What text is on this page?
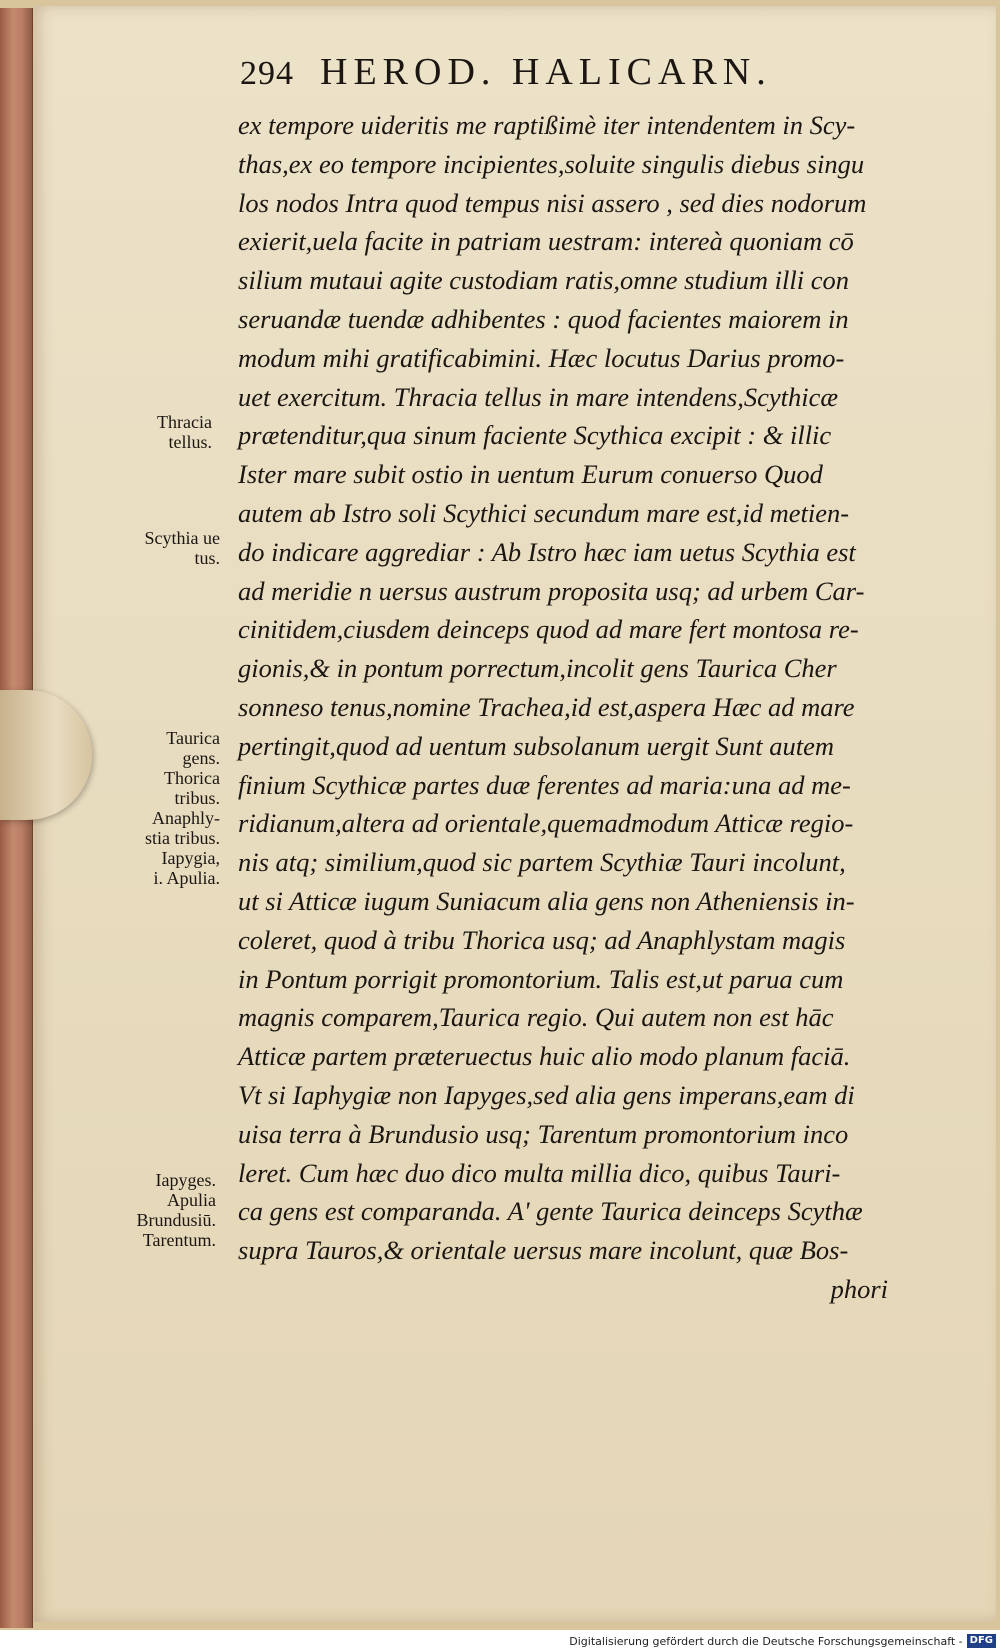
294 HEROD. HALICARN.
ex tempore uideritis me raptißimè iter intendentem in Scy-
thas,ex eo tempore incipientes,soluite singulis diebus singu
los nodos Intra quod tempus nisi assero , sed dies nodorum
exierit,uela facite in patriam uestram: intereà quoniam cō
silium mutaui agite custodiam ratis,omne studium illi con
seruandæ tuendæ adhibentes : quod facientes maiorem in
modum mihi gratificabimini. Hæc locutus Darius promo-
uet exercitum. Thracia tellus in mare intendens,Scythicæ
prætenditur,qua sinum faciente Scythica excipit : & illic
Ister mare subit ostio in uentum Eurum conuerso Quod
autem ab Istro soli Scythici secundum mare est,id metien-
do indicare aggrediar : Ab Istro hæc iam uetus Scythia est
ad meridie n uersus austrum proposita usq; ad urbem Car-
cinitidem,ciusdem deinceps quod ad mare fert montosa re-
gionis,& in pontum porrectum,incolit gens Taurica Cher
sonneso tenus,nomine Trachea,id est,aspera Hæc ad mare
pertingit,quod ad uentum subsolanum uergit Sunt autem
finium Scythicæ partes duæ ferentes ad maria:una ad me-
ridianum,altera ad orientale,quemadmodum Atticæ regio-
nis atq; similium,quod sic partem Scythiæ Tauri incolunt,
ut si Atticæ iugum Suniacum alia gens non Atheniensis in-
coleret, quod à tribu Thorica usq; ad Anaphlystam magis
in Pontum porrigit promontorium. Talis est,ut parua cum
magnis comparem,Taurica regio. Qui autem non est hāc
Atticæ partem præteruectus huic alio modo planum faciā.
Vt si Iaphygiæ non Iapyges,sed alia gens imperans,eam di
uisa terra à Brundusio usq; Tarentum promontorium inco
leret. Cum hæc duo dico multa millia dico, quibus Tauri-
ca gens est comparanda. A' gente Taurica deinceps Scythæ
supra Tauros,& orientale uersus mare incolunt, quæ Bos-
phori
Thracia
tellus.
Scythia ue
tus.
Taurica
gens.
Thorica
tribus.
Anaphly-
stia tribus.
Iapygia,
i. Apulia.
Iapyges.
Apulia
Brundusiū.
Tarentum.
Digitalisierung gefördert durch die Deutsche Forschungsgemeinschaft - DFG
